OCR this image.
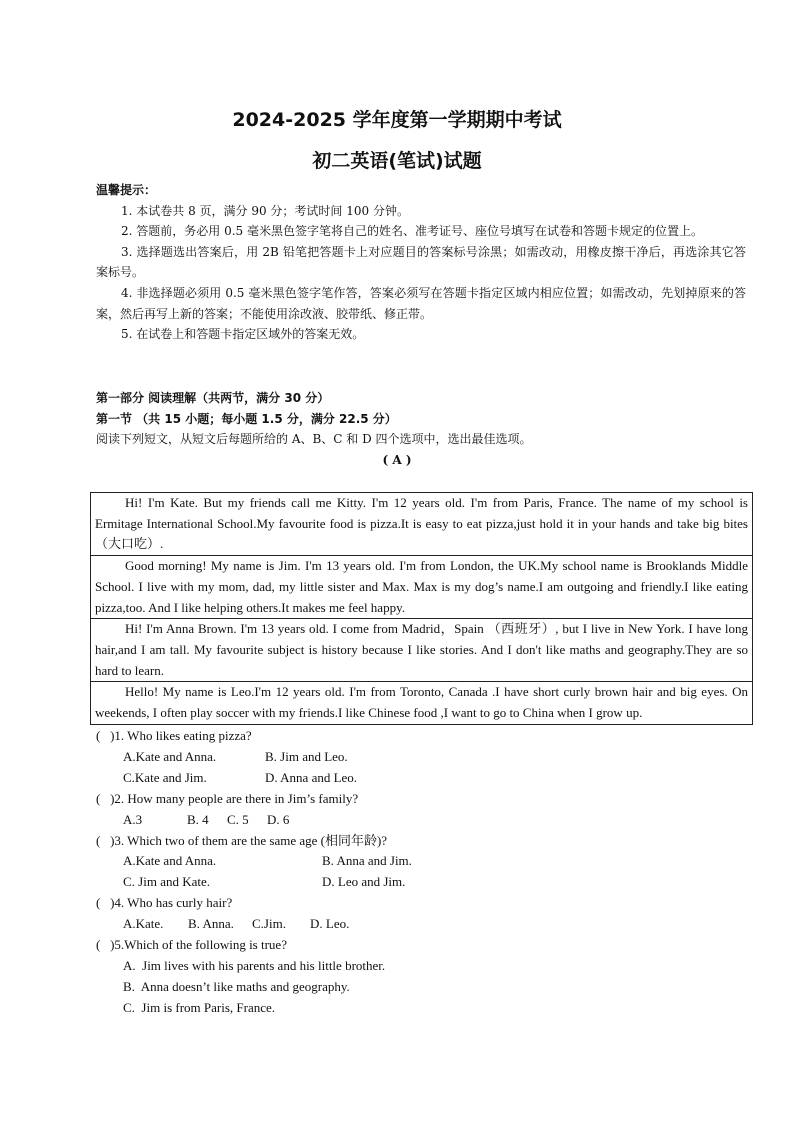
2024-2025 学年度第一学期期中考试
初二英语(笔试)试题
温馨提示：
1. 本试卷共 8 页，满分 90 分；考试时间 100 分钟。
2. 答题前，务必用 0.5 毫米黑色签字笔将自己的姓名、准考证号、座位号填写在试卷和答题卡规定的位置上。
3. 选择题选出答案后，用 2B 铅笔把答题卡上对应题目的答案标号涂黑；如需改动，用橡皮擦干净后，再选涂其它答案标号。
4. 非选择题必须用 0.5 毫米黑色签字笔作答，答案必须写在答题卡指定区域内相应位置；如需改动，先划掉原来的答案，然后再写上新的答案；不能使用涂改液、胶带纸、修正带。
5. 在试卷上和答题卡指定区域外的答案无效。
第一部分 阅读理解（共两节，满分 30 分）
第一节 （共 15 小题；每小题 1.5 分，满分 22.5 分）
阅读下列短文，从短文后每题所给的 A、B、C 和 D 四个选项中，选出最佳选项。
( A )
Hi! I'm Kate. But my friends call me Kitty. I'm 12 years old. I'm from Paris, France. The name of my school is Ermitage International School.My favourite food is pizza.It is easy to eat pizza,just hold it in your hands and take big bites（大口吃）.
Good morning! My name is Jim. I'm 13 years old. I'm from London, the UK.My school name is Brooklands Middle School. I live with my mom, dad, my little sister and Max. Max is my dog’s name.I am outgoing and friendly.I like eating pizza,too. And I like helping others.It makes me feel happy.
Hi! I'm Anna Brown. I'm 13 years old. I come from Madrid，Spain （西班牙）, but I live in New York. I have long hair,and I am tall. My favourite subject is history because I like stories. And I don't like maths and geography.They are so hard to learn.
Hello! My name is Leo.I'm 12 years old. I'm from Toronto, Canada .I have short curly brown hair and big eyes. On weekends, I often play soccer with my friends.I like Chinese food ,I want to go to China when I grow up.
(   )1. Who likes eating pizza?
A.Kate and Anna.	B. Jim and Leo.
C.Kate and Jim.	D. Anna and Leo.
(   )2. How many people are there in Jim’s family?
A.3	B. 4 C. 5 D. 6
(   )3. Which two of them are the same age (相同年龄)?
A.Kate and Anna.	B. Anna and Jim.
C. Jim and Kate.	D. Leo and Jim.
(   )4. Who has curly hair?
A.Kate. B. Anna. C.Jim. D. Leo.
(   )5.Which of the following is true?
A.  Jim lives with his parents and his little brother.
B.  Anna doesn’t like maths and geography.
C.  Jim is from Paris, France.
